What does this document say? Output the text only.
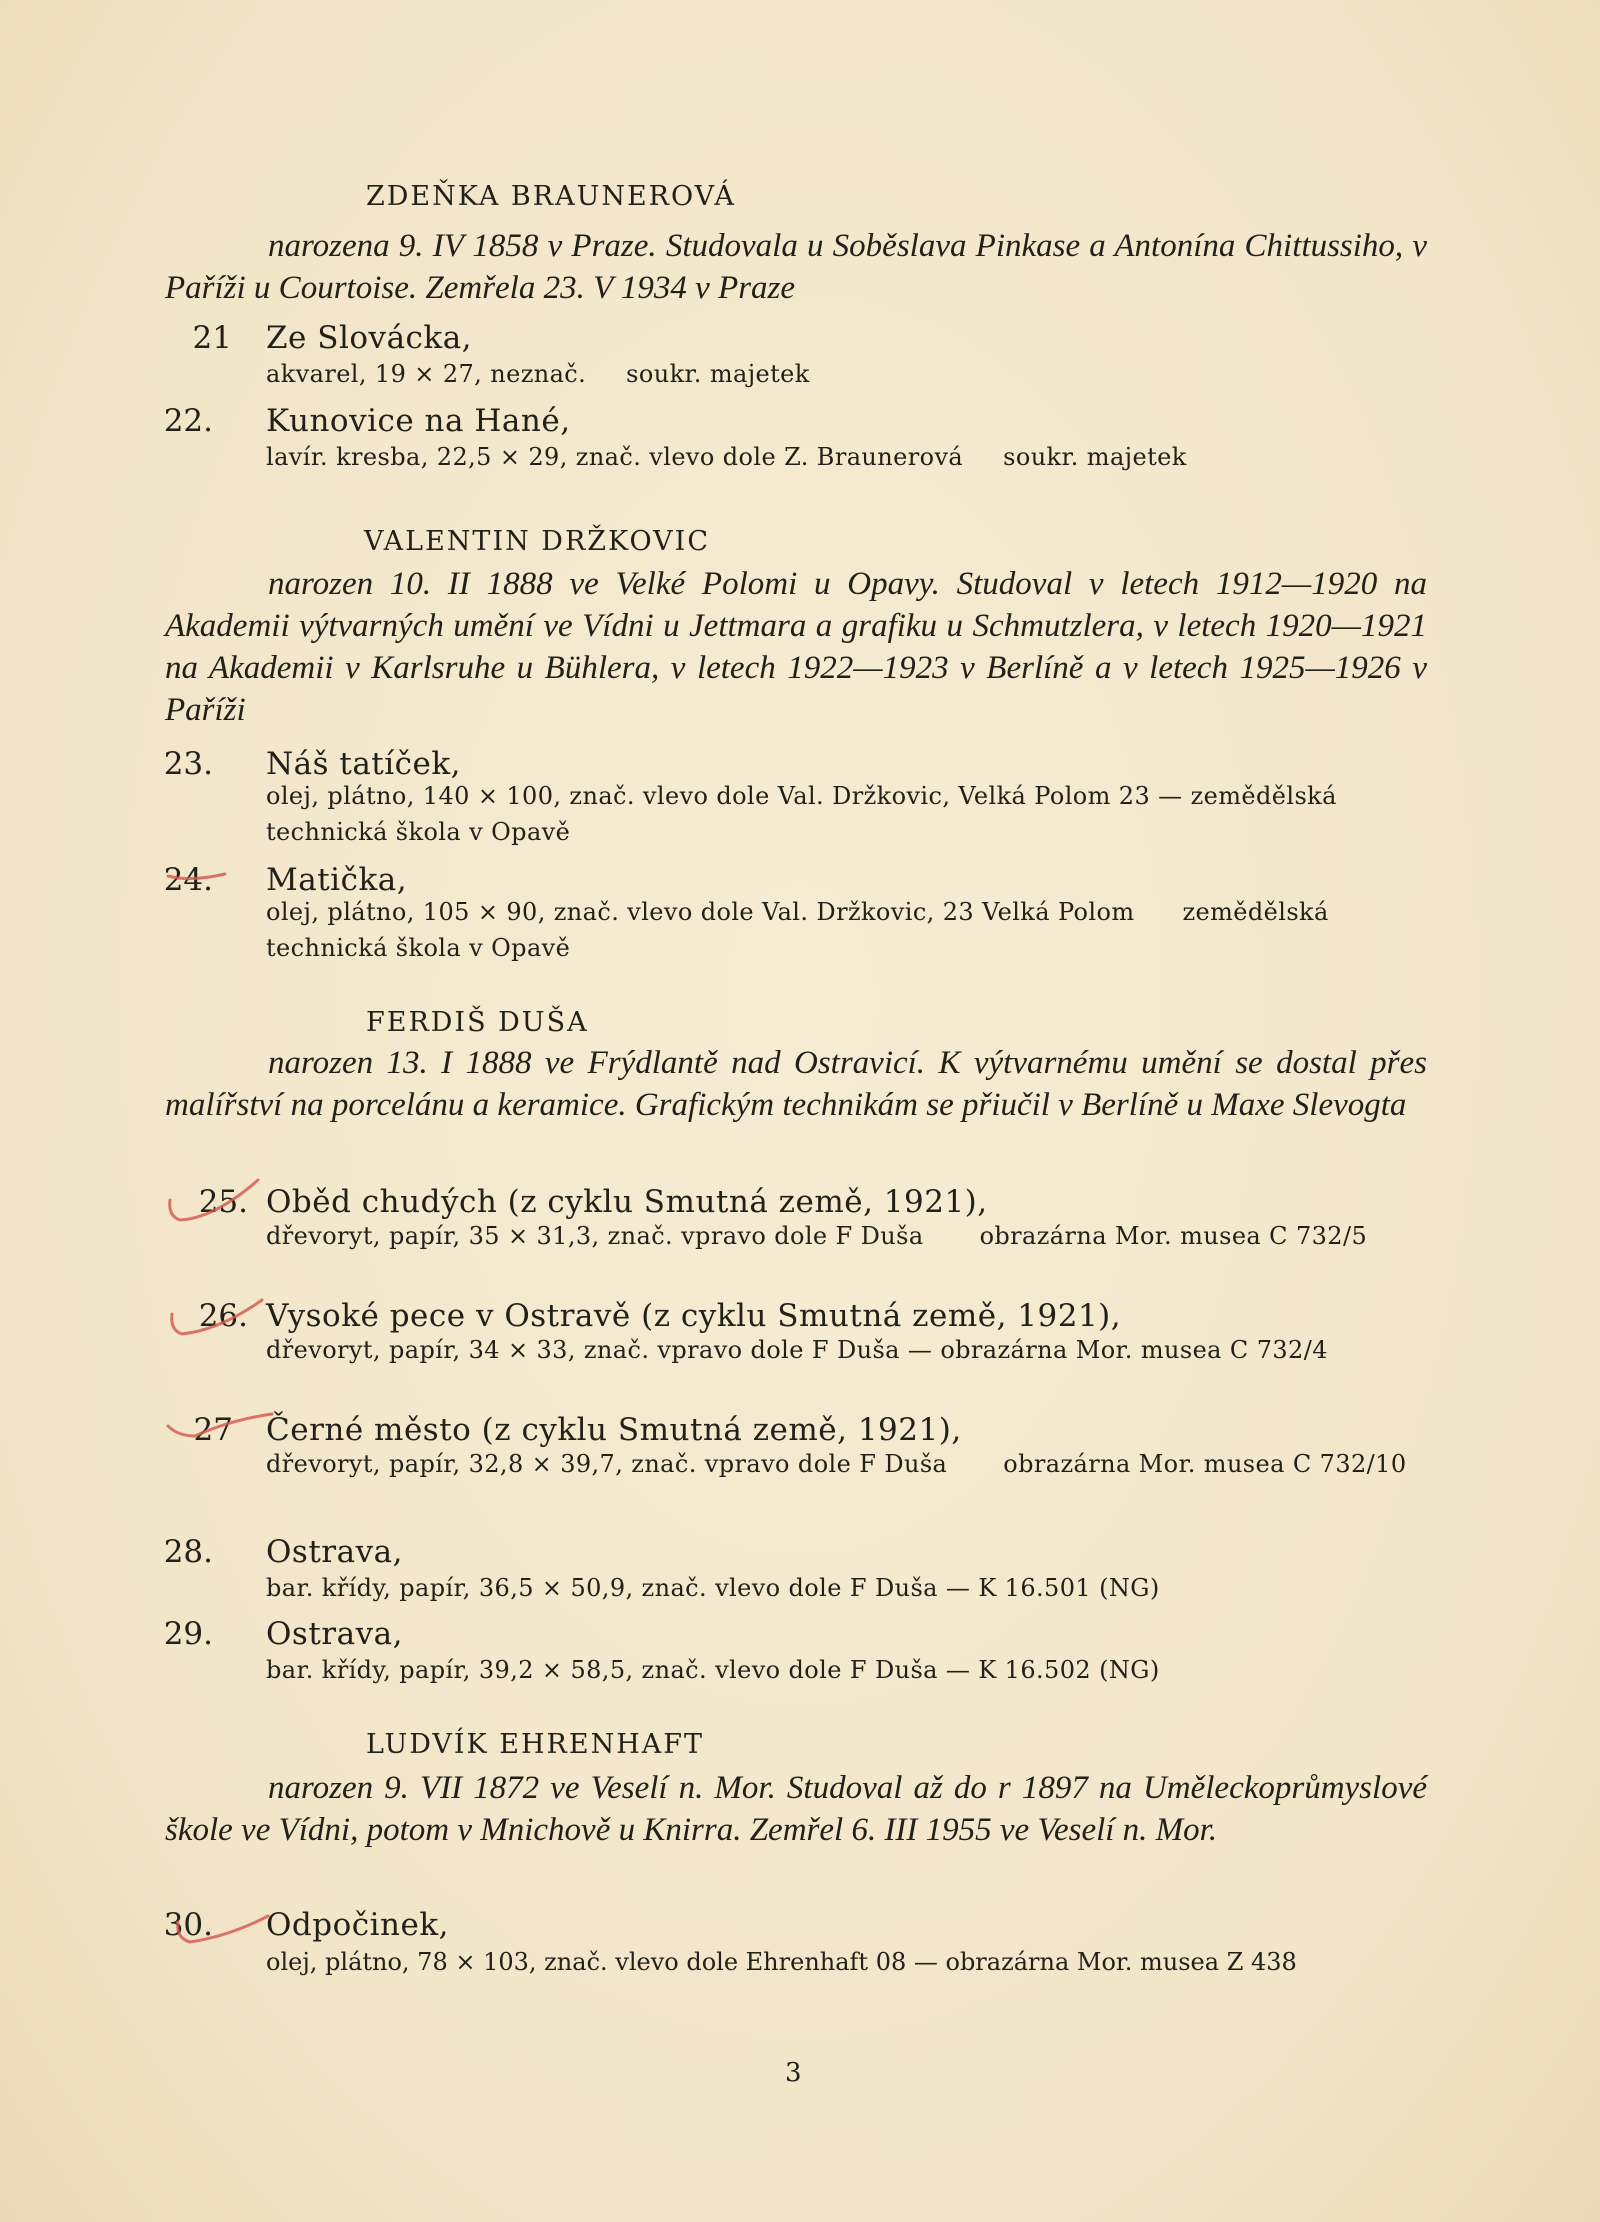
ZDEŇKA BRAUNEROVÁ
narozena 9. IV 1858 v Praze. Studovala u Soběslava Pinkase a Antonína Chittussiho, v Paříži u Courtoise. Zemřela 23. V 1934 v Praze
21 Ze Slovácka,
akvarel, 19 × 27, neznač. soukr. majetek
22. Kunovice na Hané,
lavír. kresba, 22,5 × 29, znač. vlevo dole Z. Braunerová soukr. majetek
VALENTIN DRŽKOVIC
narozen 10. II 1888 ve Velké Polomi u Opavy. Studoval v letech 1912—1920 na Akademii výtvarných umění ve Vídni u Jettmara a grafiku u Schmutzlera, v letech 1920—1921 na Akademii v Karlsruhe u Bühlera, v letech 1922—1923 v Berlíně a v letech 1925—1926 v Paříži
23. Náš tatíček,
olej, plátno, 140 × 100, znač. vlevo dole Val. Držkovic, Velká Polom 23 — zemědělská technická škola v Opavě
24. Matička,
olej, plátno, 105 × 90, znač. vlevo dole Val. Držkovic, 23 Velká Polom zemědělská technická škola v Opavě
FERDIŠ DUŠA
narozen 13. I 1888 ve Frýdlantě nad Ostravicí. K výtvarnému umění se dostal přes malířství na porcelánu a keramice. Grafickým technikám se přiučil v Berlíně u Maxe Slevogta
25. Oběd chudých (z cyklu Smutná země, 1921),
dřevoryt, papír, 35 × 31,3, znač. vpravo dole F Duša obrazárna Mor. musea C 732/5
26. Vysoké pece v Ostravě (z cyklu Smutná země, 1921),
dřevoryt, papír, 34 × 33, znač. vpravo dole F Duša — obrazárna Mor. musea C 732/4
27 Černé město (z cyklu Smutná země, 1921),
dřevoryt, papír, 32,8 × 39,7, znač. vpravo dole F Duša obrazárna Mor. musea C 732/10
28. Ostrava,
bar. křídy, papír, 36,5 × 50,9, znač. vlevo dole F Duša — K 16.501 (NG)
29. Ostrava,
bar. křídy, papír, 39,2 × 58,5, znač. vlevo dole F Duša — K 16.502 (NG)
LUDVÍK EHRENHAFT
narozen 9. VII 1872 ve Veselí n. Mor. Studoval až do r 1897 na Uměleckoprůmyslové škole ve Vídni, potom v Mnichově u Knirra. Zemřel 6. III 1955 ve Veselí n. Mor.
30. Odpočinek,
olej, plátno, 78 × 103, znač. vlevo dole Ehrenhaft 08 — obrazárna Mor. musea Z 438
3
